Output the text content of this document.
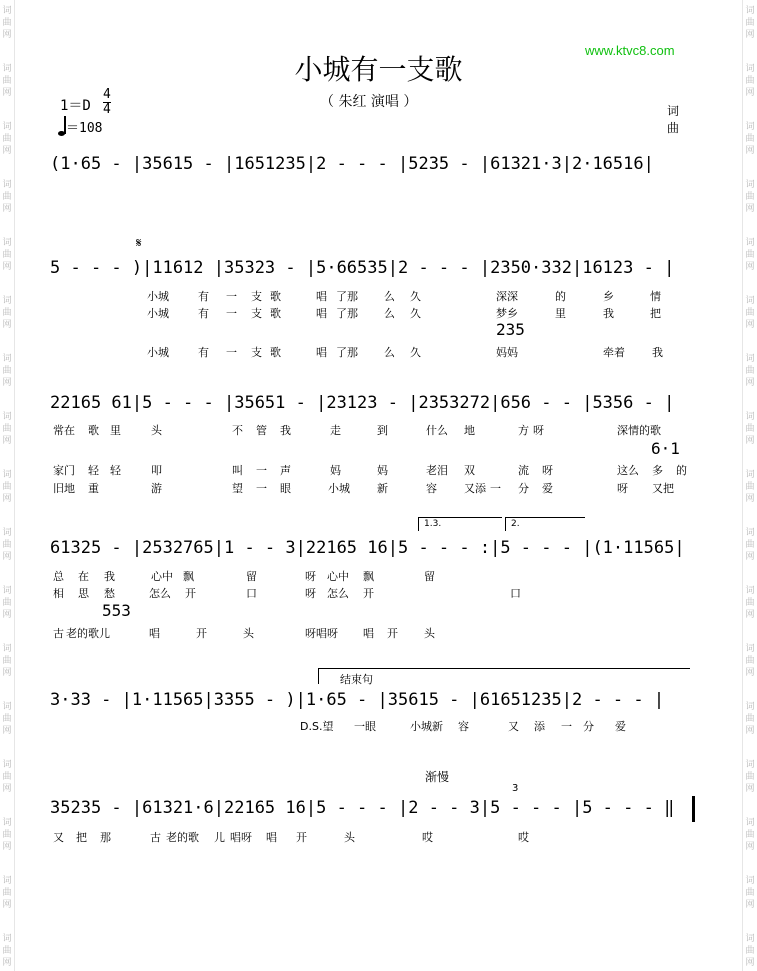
词
曲
网
词
曲
网
词
曲
网
词
曲
网
词
曲
网
词
曲
网
词
曲
网
词
曲
网
词
曲
网
词
曲
网
词
曲
网
词
曲
网
词
曲
网
词
曲
网
词
曲
网
词
曲
网
词
曲
网
词
曲
网
词
曲
网
词
曲
网
词
曲
网
词
曲
网
词
曲
网
词
曲
网
词
曲
网
词
曲
网
词
曲
网
词
曲
网
词
曲
网
词
曲
网
词
曲
网
词
曲
网
词
曲
网
词
曲
网
www.ktvc8.com
小城有一支歌
（ 朱红 演唱 ）
1＝D
4
4
＝108
词
曲
(1·65 - |35615 - |1651235|2 - - - |5235 - |61321·3|2·16516|
𝄋
5 - - - )|11612 |35323 - |5·66535|2 - - - |2350·332|16123 - |
小城	有 一 支 歌	唱 了那 么 久	深深	的	乡	情
小城	有 一 支 歌	唱 了那 么 久	梦乡	里	我	把
235
小城	有 一 支 歌	唱 了那 么 久	妈妈	牵着 我
22165 61|5 - - - |35651 - |23123 - |2353272|656 - - |5356 - |
常在 歌 里	头	不 管 我	走	到	什么 地	方 呀	深情的歌
6·1
家门 轻 轻	叩	叫 一 声	妈	妈	老泪 双	流 呀	这么 多 的
旧地 重	游	望 一 眼	小城 新	容 又添 一 分 爱	呀 又把
1.3.	2.
61325 - |2532765|1 - - 3|22165 16|5 - - - :|5 - - - |(1·11565|
总 在 我	心中 飘	留	呀 心中 飘	留
相 思 愁	怎么 开	口	呀 怎么 开	口
553
古 老的歌儿	唱	开	头	呀唱呀 唱 开 头
结束句
3·33 - |1·11565|3355 - )|1·65 - |35615 - |61651235|2 - - - |
D.S.望 一眼	小城新 容	又 添 一 分 爱
渐慢
3
35235 - |61321·6|22165 16|5 - - - |2 - - 3|5 - - - |5 - - - ‖
又 把 那	古 老的歌 儿 唱呀 唱 开	头	哎	哎
